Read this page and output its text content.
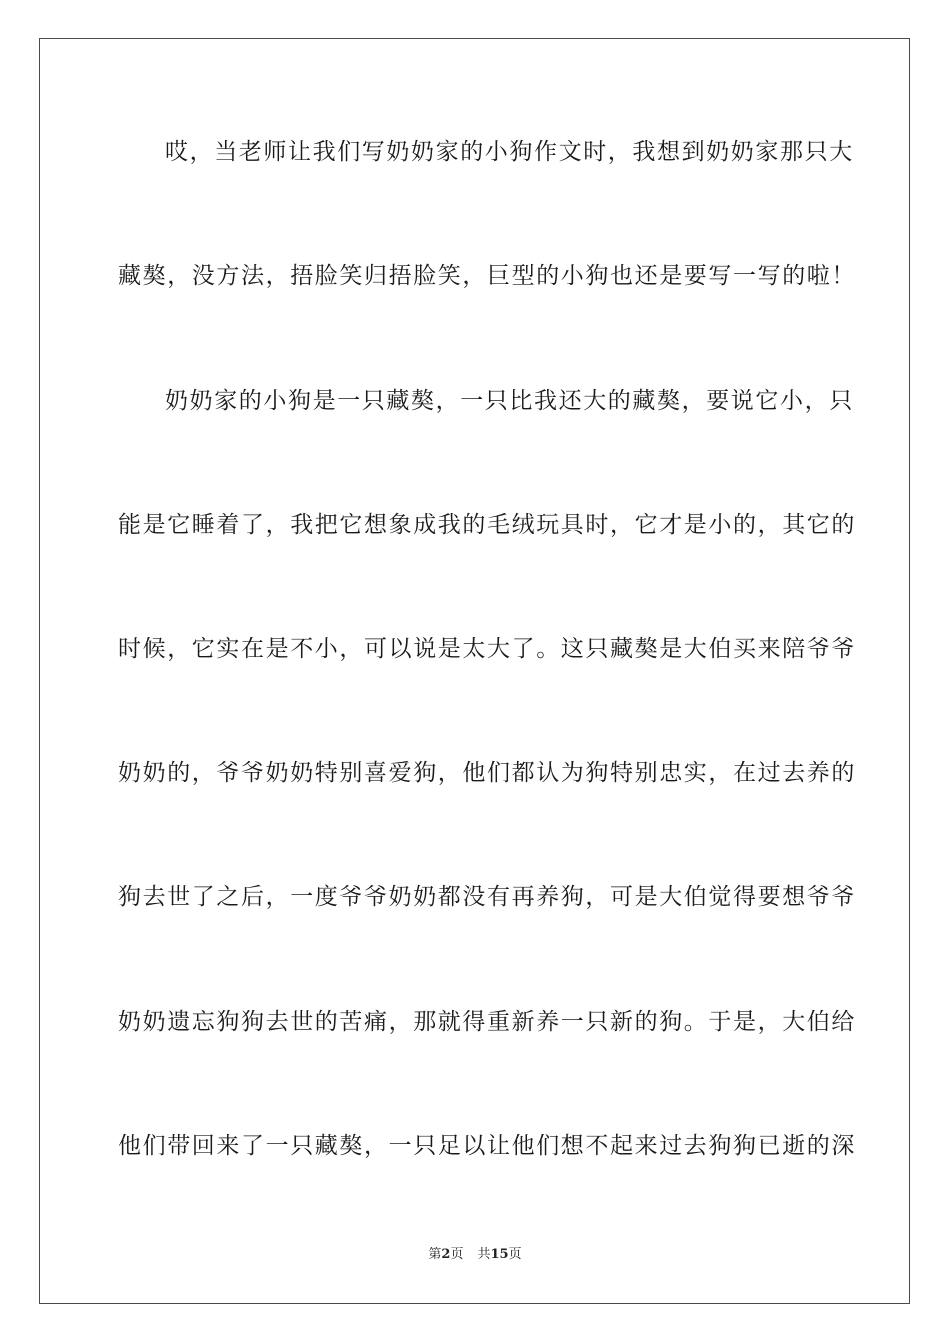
哎，当老师让我们写奶奶家的小狗作文时，我想到奶奶家那只大
藏獒，没方法，捂脸笑归捂脸笑，巨型的小狗也还是要写一写的啦！
奶奶家的小狗是一只藏獒，一只比我还大的藏獒，要说它小，只
能是它睡着了，我把它想象成我的毛绒玩具时，它才是小的，其它的
时候，它实在是不小，可以说是太大了。这只藏獒是大伯买来陪爷爷
奶奶的，爷爷奶奶特别喜爱狗，他们都认为狗特别忠实，在过去养的
狗去世了之后，一度爷爷奶奶都没有再养狗，可是大伯觉得要想爷爷
奶奶遗忘狗狗去世的苦痛，那就得重新养一只新的狗。于是，大伯给
他们带回来了一只藏獒，一只足以让他们想不起来过去狗狗已逝的深
第2页 共15页
